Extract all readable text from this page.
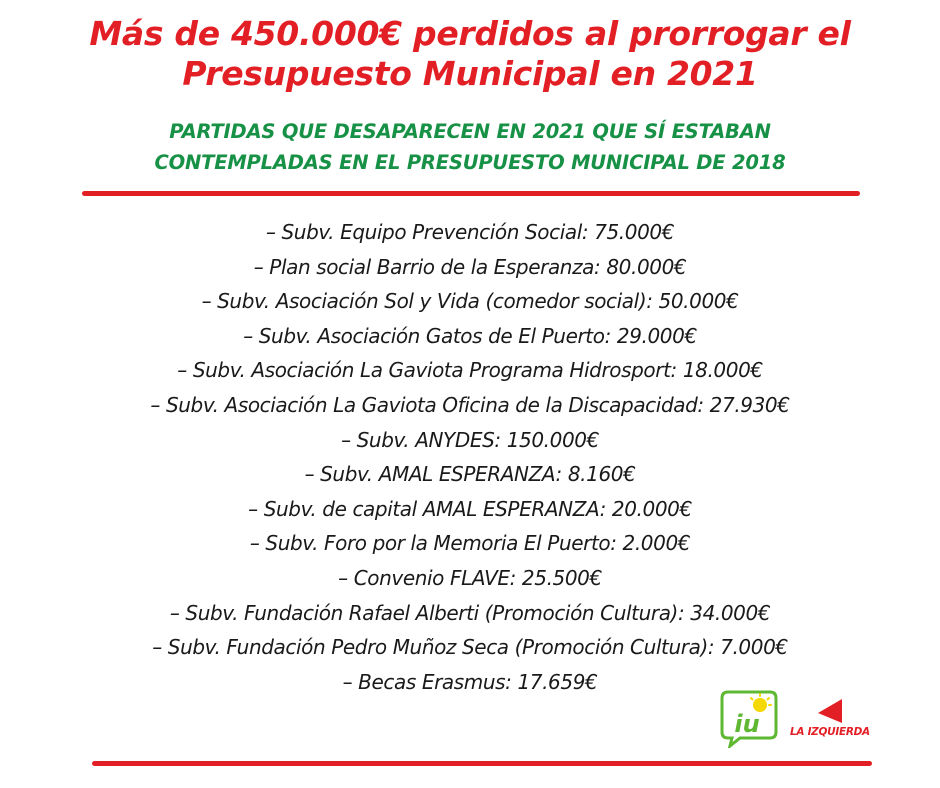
Más de 450.000€ perdidos al prorrogar el
Presupuesto Municipal en 2021
PARTIDAS QUE DESAPARECEN EN 2021 QUE SÍ ESTABAN
CONTEMPLADAS EN EL PRESUPUESTO MUNICIPAL DE 2018
– Subv. Equipo Prevención Social: 75.000€
– Plan social Barrio de la Esperanza: 80.000€
– Subv. Asociación Sol y Vida (comedor social): 50.000€
– Subv. Asociación Gatos de El Puerto: 29.000€
– Subv. Asociación La Gaviota Programa Hidrosport: 18.000€
– Subv. Asociación La Gaviota Oficina de la Discapacidad: 27.930€
– Subv. ANYDES: 150.000€
– Subv. AMAL ESPERANZA: 8.160€
– Subv. de capital AMAL ESPERANZA: 20.000€
– Subv. Foro por la Memoria El Puerto: 2.000€
– Convenio FLAVE: 25.500€
– Subv. Fundación Rafael Alberti (Promoción Cultura): 34.000€
– Subv. Fundación Pedro Muñoz Seca (Promoción Cultura): 7.000€
– Becas Erasmus: 17.659€
iu	LA IZQUIERDA
